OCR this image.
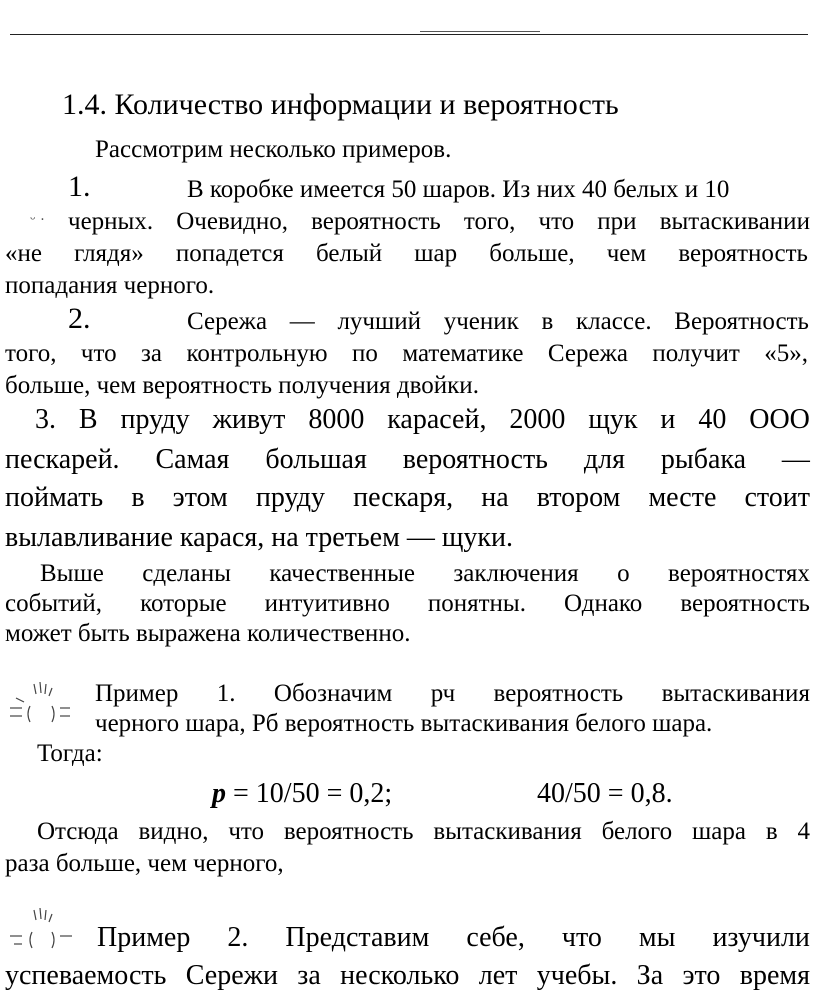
1.4. Количество информации и вероятность
Рассмотрим несколько примеров.
1.	В коробке имеется 50 шаров. Из них 40 белых и 10
ᵕ · черных. Очевидно, вероятность того, что при вытаскивании
«не глядя» попадется белый шар больше, чем вероятность
попадания черного.
2.	Сережа — лучший ученик в классе. Вероятность
того, что за контрольную по математике Сережа получит «5»,
больше, чем вероятность получения двойки.
3. В пруду живут 8000 карасей, 2000 щук и 40 ООО
пескарей. Самая большая вероятность для рыбака —
поймать в этом пруду пескаря, на втором месте стоит
вылавливание карася, на третьем — щуки.
Выше сделаны качественные заключения о вероятностях
событий, которые интуитивно понятны. Однако вероятность
может быть выражена количественно.
Пример 1. Обозначим рч вероятность вытаскивания
черного шара, Рб вероятность вытаскивания белого шара.
Тогда:
p = 10/50 = 0,2;	40/50 = 0,8.
Отсюда видно, что вероятность вытаскивания белого шара в 4
раза больше, чем черного,
Пример 2. Представим себе, что мы изучили
успеваемость Сережи за несколько лет учебы. За это время
